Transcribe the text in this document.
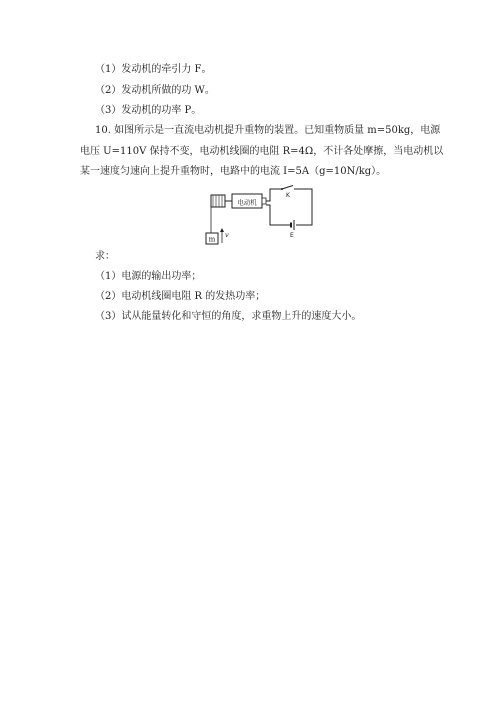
（1）发动机的牵引力 F。
（2）发动机所做的功 W。
（3）发动机的功率 P。
10. 如图所示是一直流电动机提升重物的装置。已知重物质量 m=50kg，电源
电压 U=110V 保持不变，电动机线圈的电阻 R=4Ω，不计各处摩擦，当电动机以
某一速度匀速向上提升重物时，电路中的电流 I=5A（g=10N/kg）。
电动机
K
E
m
v
求：
（1）电源的输出功率；
（2）电动机线圈电阻 R 的发热功率；
（3）试从能量转化和守恒的角度，求重物上升的速度大小。
